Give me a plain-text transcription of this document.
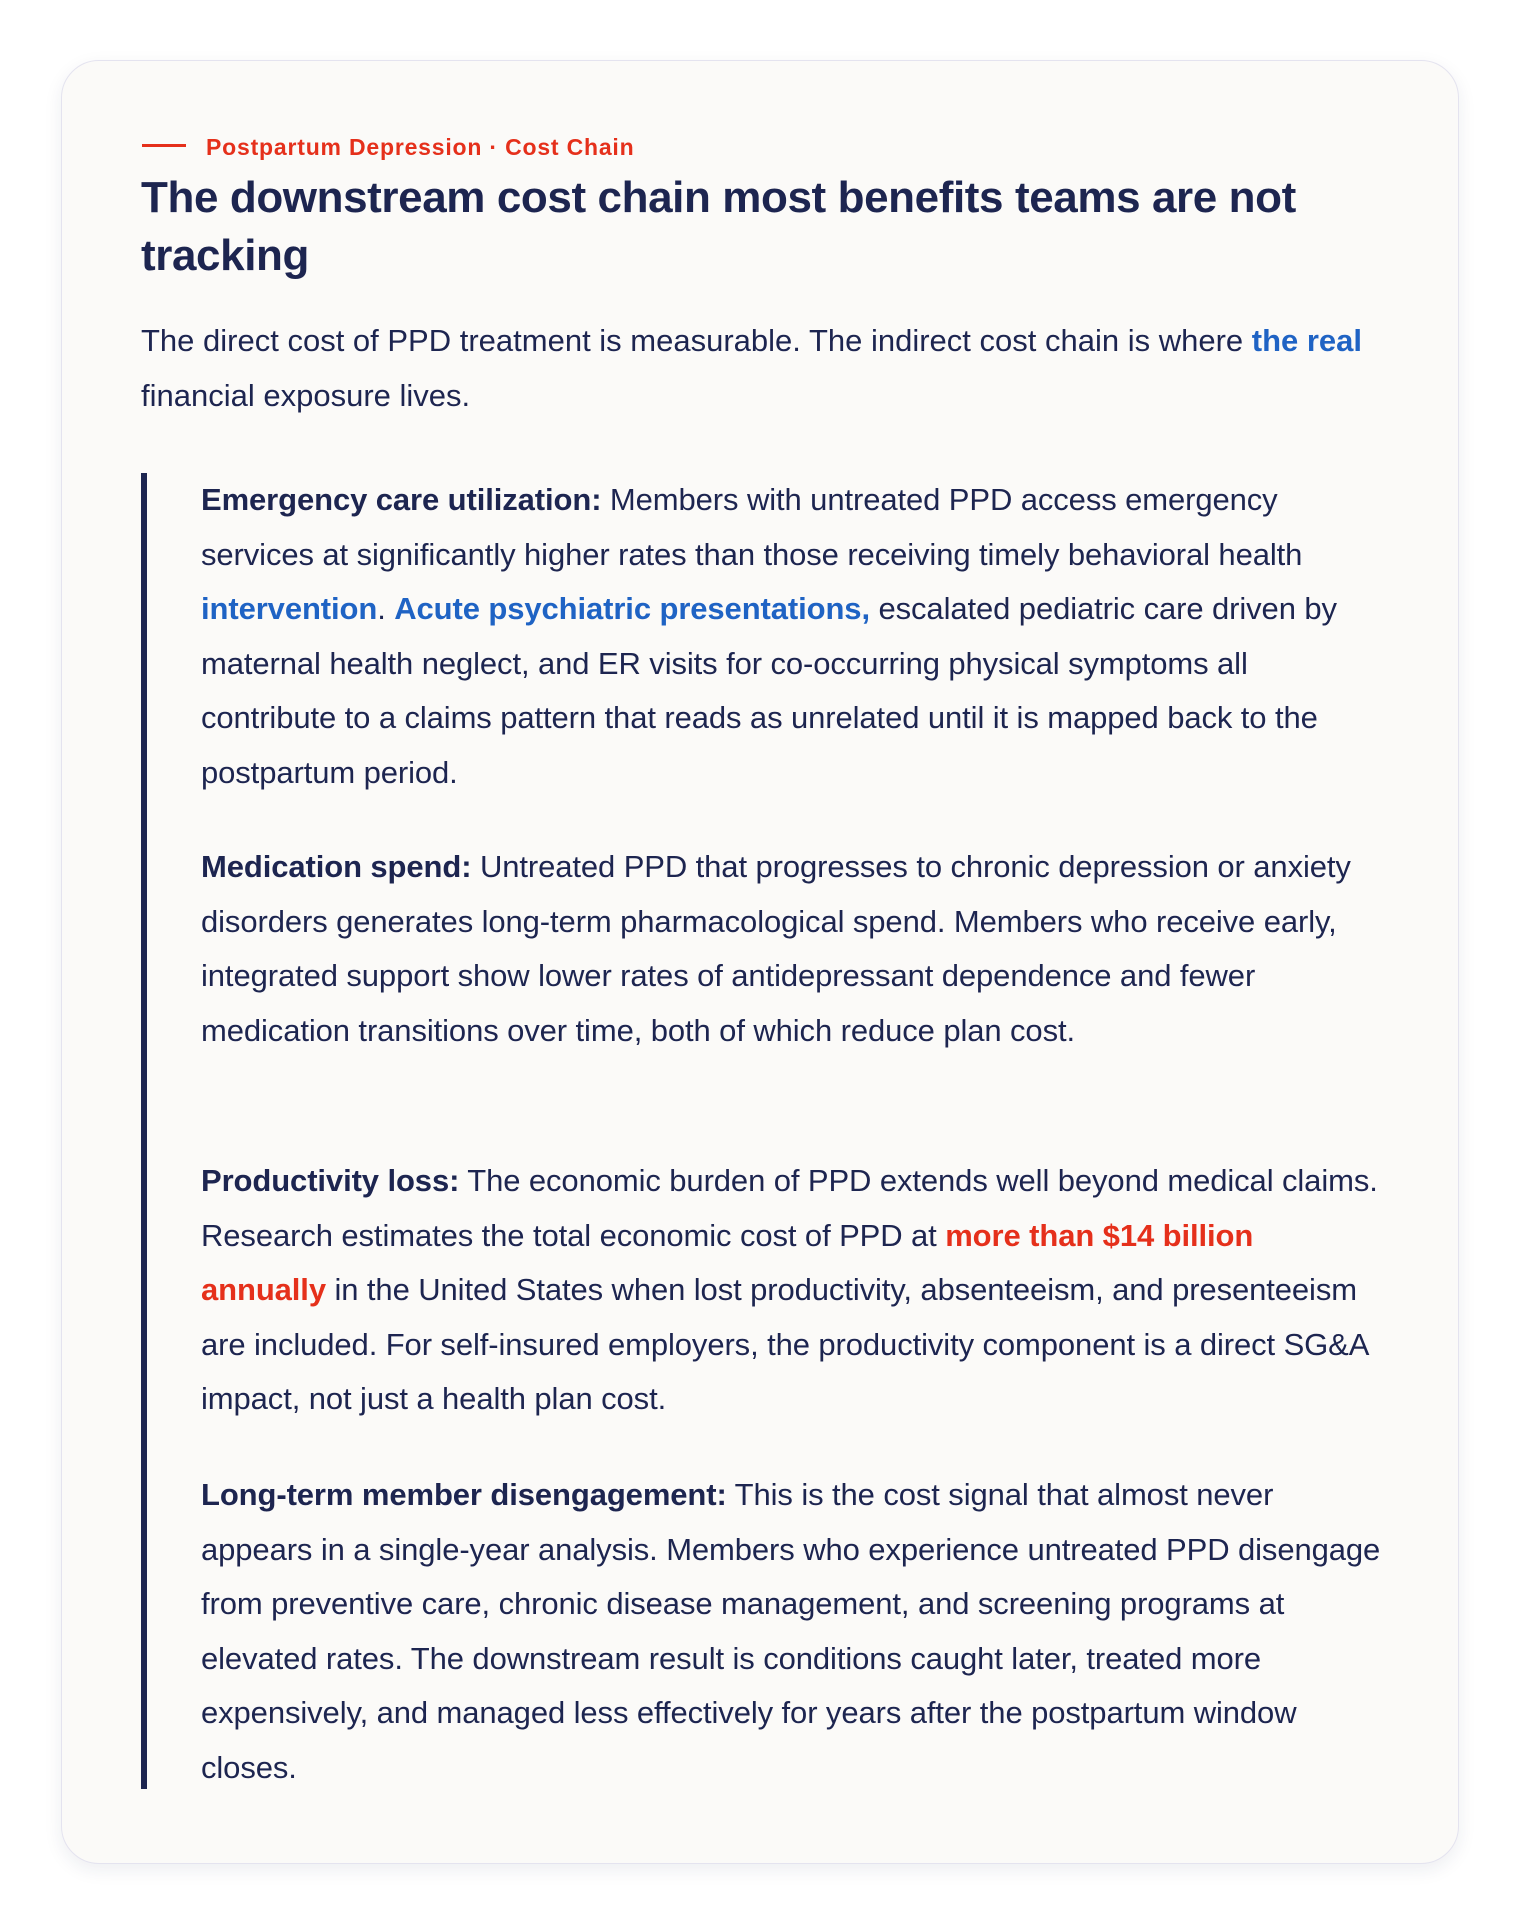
Postpartum Depression · Cost Chain
The downstream cost chain most benefits teams are not tracking

The direct cost of PPD treatment is measurable. The indirect cost chain is where the real financial exposure lives.

Emergency care utilization: Members with untreated PPD access emergency services at significantly higher rates than those receiving timely behavioral health intervention. Acute psychiatric presentations, escalated pediatric care driven by maternal health neglect, and ER visits for co-occurring physical symptoms all contribute to a claims pattern that reads as unrelated until it is mapped back to the postpartum period.

Medication spend: Untreated PPD that progresses to chronic depression or anxiety disorders generates long-term pharmacological spend. Members who receive early, integrated support show lower rates of antidepressant dependence and fewer medication transitions over time, both of which reduce plan cost.

Productivity loss: The economic burden of PPD extends well beyond medical claims. Research estimates the total economic cost of PPD at more than $14 billion annually in the United States when lost productivity, absenteeism, and presenteeism are included. For self-insured employers, the productivity component is a direct SG&A impact, not just a health plan cost.

Long-term member disengagement: This is the cost signal that almost never appears in a single-year analysis. Members who experience untreated PPD disengage from preventive care, chronic disease management, and screening programs at elevated rates. The downstream result is conditions caught later, treated more expensively, and managed less effectively for years after the postpartum window closes.
